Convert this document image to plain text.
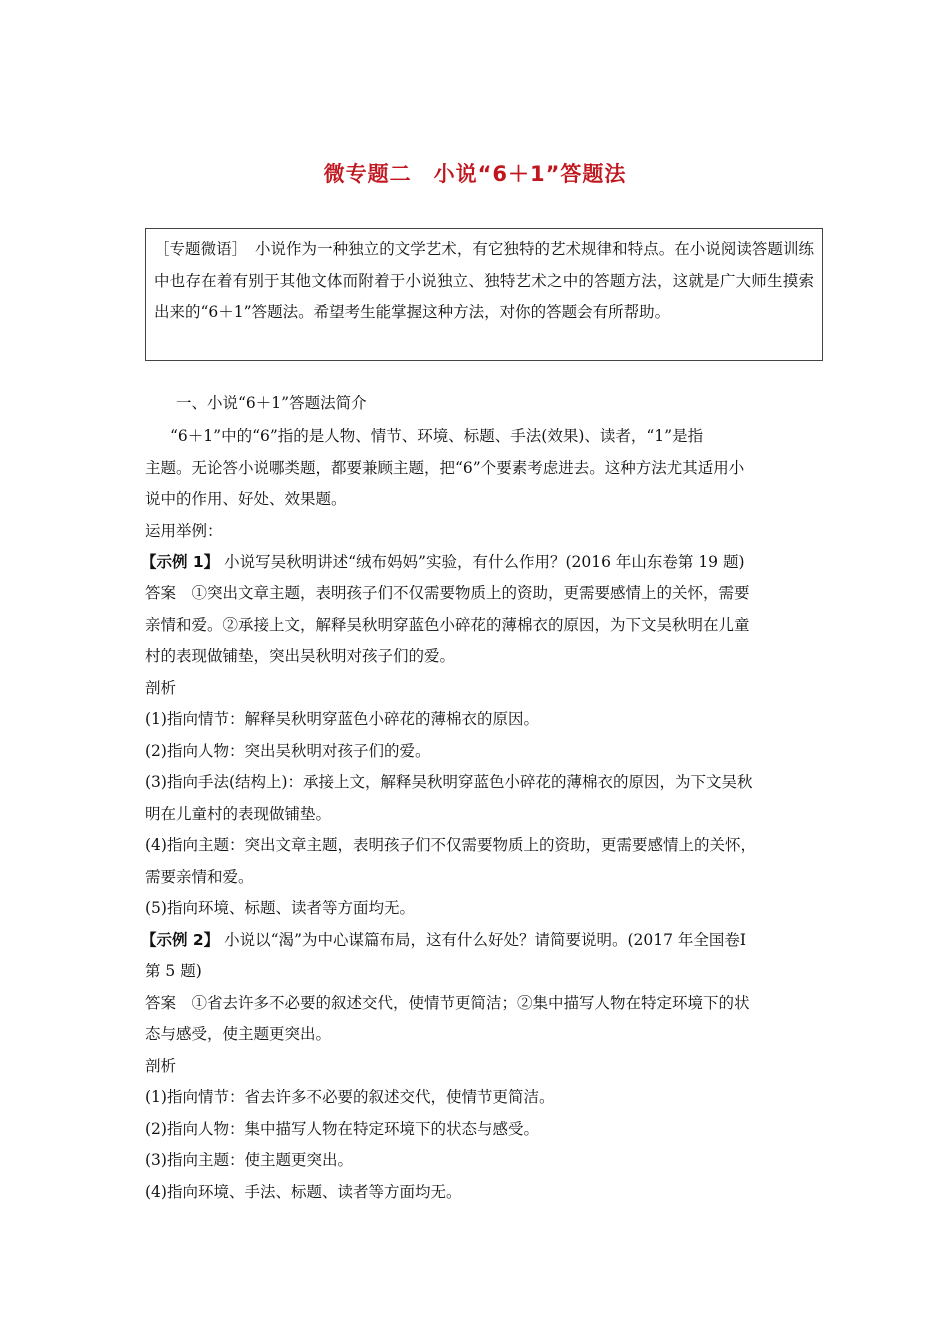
微专题二　小说“6＋1”答题法

［专题微语］　小说作为一种独立的文学艺术，有它独特的艺术规律和特点。在小说阅读答题训练中也存在着有别于其他文体而附着于小说独立、独特艺术之中的答题方法，这就是广大师生摸索出来的“6＋1”答题法。希望考生能掌握这种方法，对你的答题会有所帮助。

一、小说“6＋1”答题法简介
“6＋1”中的“6”指的是人物、情节、环境、标题、手法(效果)、读者，“1”是指
主题。无论答小说哪类题，都要兼顾主题，把“6”个要素考虑进去。这种方法尤其适用小
说中的作用、好处、效果题。
运用举例：
【示例 1】 小说写吴秋明讲述“绒布妈妈”实验，有什么作用？(2016 年山东卷第 19 题)
答案　①突出文章主题，表明孩子们不仅需要物质上的资助，更需要感情上的关怀，需要
亲情和爱。②承接上文，解释吴秋明穿蓝色小碎花的薄棉衣的原因，为下文吴秋明在儿童
村的表现做铺垫，突出吴秋明对孩子们的爱。
剖析
(1)指向情节：解释吴秋明穿蓝色小碎花的薄棉衣的原因。
(2)指向人物：突出吴秋明对孩子们的爱。
(3)指向手法(结构上)：承接上文，解释吴秋明穿蓝色小碎花的薄棉衣的原因，为下文吴秋
明在儿童村的表现做铺垫。
(4)指向主题：突出文章主题，表明孩子们不仅需要物质上的资助，更需要感情上的关怀，
需要亲情和爱。
(5)指向环境、标题、读者等方面均无。
【示例 2】 小说以“渴”为中心谋篇布局，这有什么好处？请简要说明。(2017 年全国卷Ⅰ
第 5 题)
答案　①省去许多不必要的叙述交代，使情节更简洁；②集中描写人物在特定环境下的状
态与感受，使主题更突出。
剖析
(1)指向情节：省去许多不必要的叙述交代，使情节更简洁。
(2)指向人物：集中描写人物在特定环境下的状态与感受。
(3)指向主题：使主题更突出。
(4)指向环境、手法、标题、读者等方面均无。
